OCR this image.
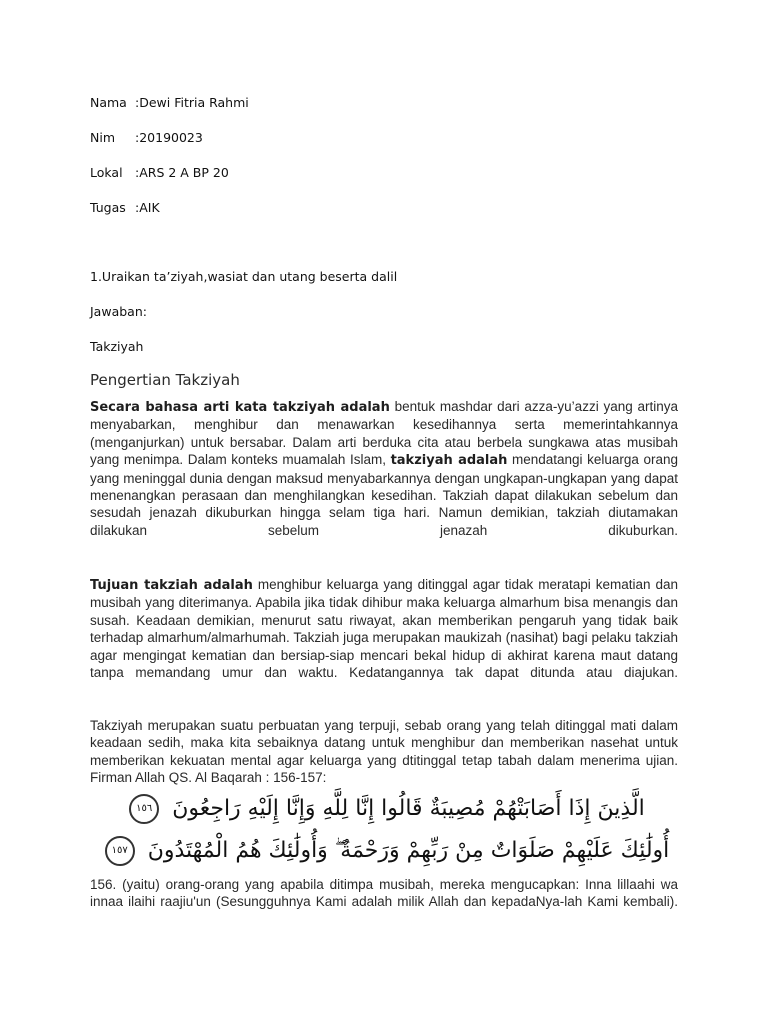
Nama :Dewi Fitria Rahmi
Nim :20190023
Lokal :ARS 2 A BP 20
Tugas :AIK
1.Uraikan ta’ziyah,wasiat dan utang beserta dalil
Jawaban:
Takziyah
Pengertian Takziyah
Secara bahasa arti kata takziyah adalah bentuk mashdar dari azza-yu’azzi yang artinya menyabarkan, menghibur dan menawarkan kesedihannya serta memerintahkannya (menganjurkan) untuk bersabar. Dalam arti berduka cita atau berbela sungkawa atas musibah yang menimpa. Dalam konteks muamalah Islam, takziyah adalah mendatangi keluarga orang yang meninggal dunia dengan maksud menyabarkannya dengan ungkapan-ungkapan yang dapat menenangkan perasaan dan menghilangkan kesedihan. Takziah dapat dilakukan sebelum dan sesudah jenazah dikuburkan hingga selam tiga hari. Namun demikian, takziah diutamakan dilakukan sebelum jenazah dikuburkan.
Tujuan takziah adalah menghibur keluarga yang ditinggal agar tidak meratapi kematian dan musibah yang diterimanya. Apabila jika tidak dihibur maka keluarga almarhum bisa menangis dan susah. Keadaan demikian, menurut satu riwayat, akan memberikan pengaruh yang tidak baik terhadap almarhum/almarhumah. Takziah juga merupakan maukizah (nasihat) bagi pelaku takziah agar mengingat kematian dan bersiap-siap mencari bekal hidup di akhirat karena maut datang tanpa memandang umur dan waktu. Kedatangannya tak dapat ditunda atau diajukan.
Takziyah merupakan suatu perbuatan yang terpuji, sebab orang yang telah ditinggal mati dalam keadaan sedih, maka kita sebaiknya datang untuk menghibur dan memberikan nasehat untuk memberikan kekuatan mental agar keluarga yang dtitinggal tetap tabah dalam menerima ujian. Firman Allah QS. Al Baqarah : 156-157:
الَّذِينَ إِذَا أَصَابَتْهُمْ مُصِيبَةٌ قَالُوا إِنَّا لِلَّهِ وَإِنَّا إِلَيْهِ رَاجِعُونَ ١٥٦
أُولَٰئِكَ عَلَيْهِمْ صَلَوَاتٌ مِنْ رَبِّهِمْ وَرَحْمَةٌ ۖ وَأُولَٰئِكَ هُمُ الْمُهْتَدُونَ ١٥٧
156. (yaitu) orang-orang yang apabila ditimpa musibah, mereka mengucapkan: Inna lillaahi wa innaa ilaihi raajiu'un (Sesungguhnya Kami adalah milik Allah dan kepadaNya-lah Kami kembali).
